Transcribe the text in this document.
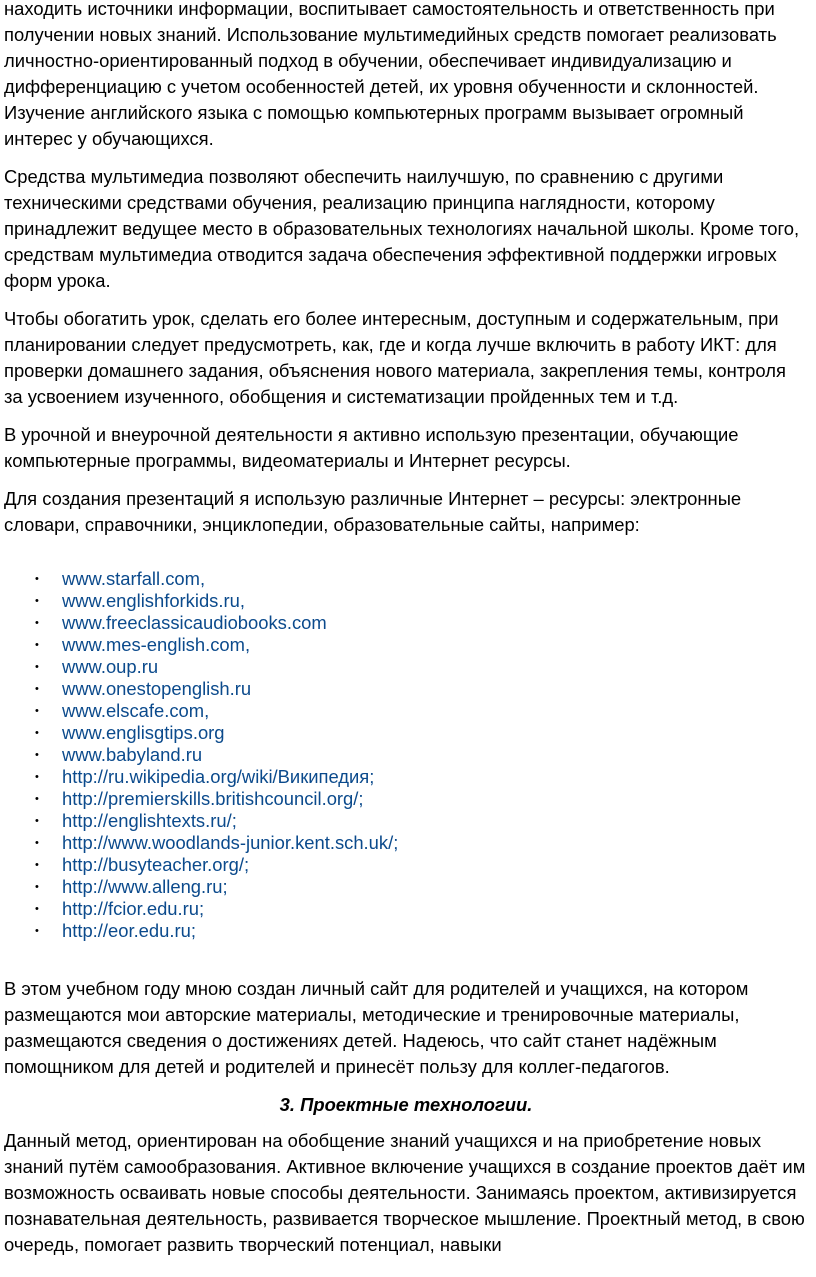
находить источники информации, воспитывает самостоятельность и ответственность при получении новых знаний. Использование мультимедийных средств помогает реализовать личностно-ориентированный подход в обучении, обеспечивает индивидуализацию и дифференциацию с учетом особенностей детей, их уровня обученности и склонностей. Изучение английского языка с помощью компьютерных программ вызывает огромный интерес у обучающихся.

Средства мультимедиа позволяют обеспечить наилучшую, по сравнению с другими техническими средствами обучения, реализацию принципа наглядности, которому принадлежит ведущее место в образовательных технологиях начальной школы. Кроме того, средствам мультимедиа отводится задача обеспечения эффективной поддержки игровых форм урока.

Чтобы обогатить урок, сделать его более интересным, доступным и содержательным, при планировании следует предусмотреть, как, где и когда лучше включить в работу ИКТ: для проверки домашнего задания, объяснения нового материала, закрепления темы, контроля за усвоением изученного, обобщения и систематизации пройденных тем и т.д.

В урочной и внеурочной деятельности я активно использую презентации, обучающие компьютерные программы, видеоматериалы и Интернет ресурсы.

Для создания презентаций я использую различные Интернет – ресурсы: электронные словари, справочники, энциклопедии, образовательные сайты, например:

• www.starfall.com,
• www.englishforkids.ru,
• www.freeclassicaudiobooks.com
• www.mes-english.com,
• www.oup.ru
• www.onestopenglish.ru
• www.elscafe.com,
• www.englisgtips.org
• www.babyland.ru
• http://ru.wikipedia.org/wiki/Википедия;
• http://premierskills.britishcouncil.org/;
• http://englishtexts.ru/;
• http://www.woodlands-junior.kent.sch.uk/;
• http://busyteacher.org/;
• http://www.alleng.ru;
• http://fcior.edu.ru;
• http://eor.edu.ru;

В этом учебном году мною создан личный сайт для родителей и учащихся, на котором размещаются мои авторские материалы, методические и тренировочные материалы, размещаются сведения о достижениях детей. Надеюсь, что сайт станет надёжным помощником для детей и родителей и принесёт пользу для коллег-педагогов.

3. Проектные технологии.

Данный метод, ориентирован на обобщение знаний учащихся и на приобретение новых знаний путём самообразования. Активное включение учащихся в создание проектов даёт им возможность осваивать новые способы деятельности. Занимаясь проектом, активизируется познавательная деятельность, развивается творческое мышление. Проектный метод, в свою очередь, помогает развить творческий потенциал, навыки
